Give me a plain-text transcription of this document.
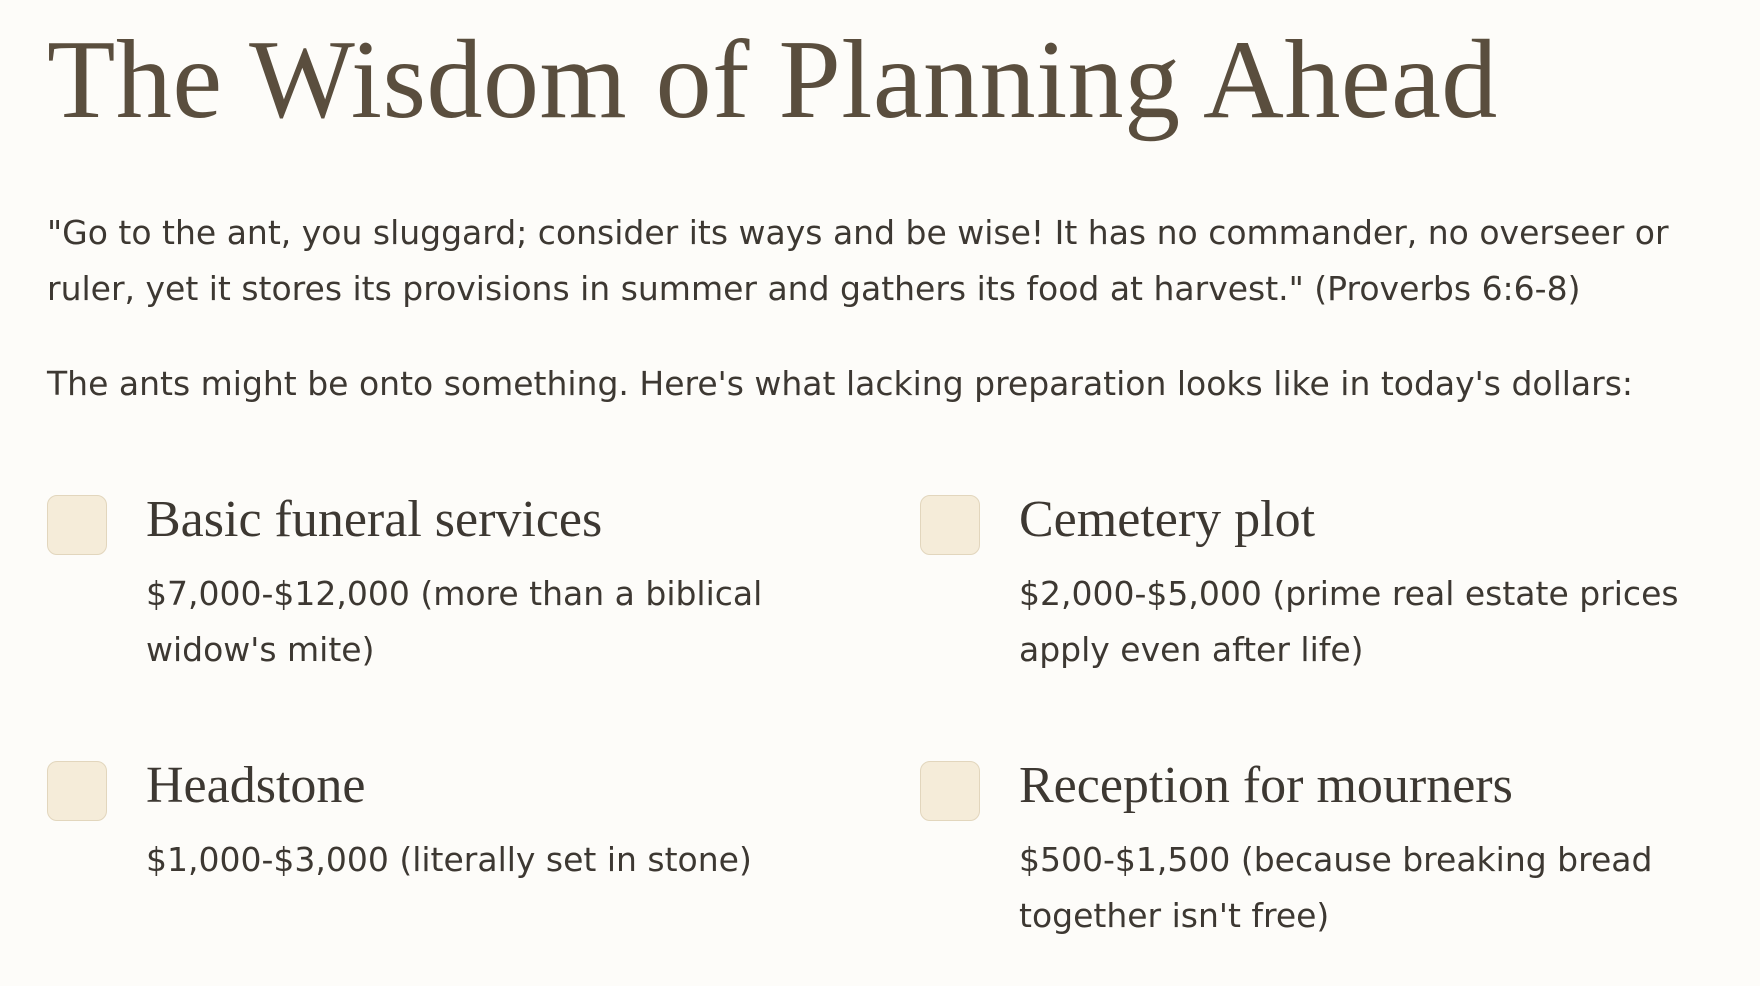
The Wisdom of Planning Ahead

"Go to the ant, you sluggard; consider its ways and be wise! It has no commander, no overseer or ruler, yet it stores its provisions in summer and gathers its food at harvest." (Proverbs 6:6-8)

The ants might be onto something. Here's what lacking preparation looks like in today's dollars:

Basic funeral services

$7,000-$12,000 (more than a biblical widow's mite)

Cemetery plot

$2,000-$5,000 (prime real estate prices apply even after life)

Headstone

$1,000-$3,000 (literally set in stone)

Reception for mourners

$500-$1,500 (because breaking bread together isn't free)
